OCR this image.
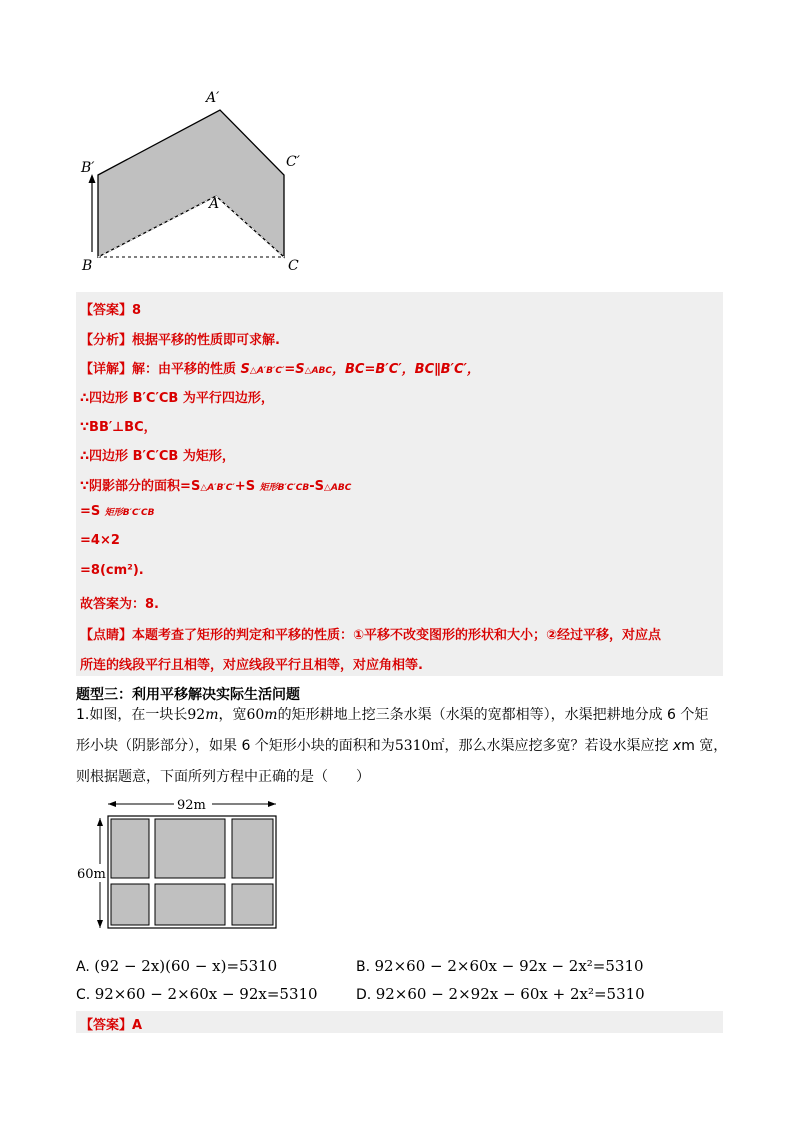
A′
B′	C′
A
B	C
【答案】8
【分析】根据平移的性质即可求解.
【详解】解：由平移的性质 S△A′B′C′=S△ABC，BC=B′C′，BC∥B′C′，
∴四边形 B′C′CB 为平行四边形，
∵BB′⊥BC，
∴四边形 B′C′CB 为矩形，
∵阴影部分的面积=S△A′B′C′+S 矩形B′C′CB-S△ABC
=S 矩形B′C′CB
=4×2
=8(cm²).
故答案为：8.
【点睛】本题考查了矩形的判定和平移的性质：①平移不改变图形的形状和大小；②经过平移，对应点
所连的线段平行且相等，对应线段平行且相等，对应角相等.
题型三：利用平移解决实际生活问题
1.如图，在一块长92m，宽60m的矩形耕地上挖三条水渠（水渠的宽都相等），水渠把耕地分成 6 个矩
形小块（阴影部分），如果 6 个矩形小块的面积和为5310㎡，那么水渠应挖多宽？若设水渠应挖 xm 宽，
则根据题意，下面所列方程中正确的是（　　）
92m
60m
A. (92 − 2x)(60 − x)=5310	B. 92×60 − 2×60x − 92x − 2x²=5310
C. 92×60 − 2×60x − 92x=5310	D. 92×60 − 2×92x − 60x + 2x²=5310
【答案】A
